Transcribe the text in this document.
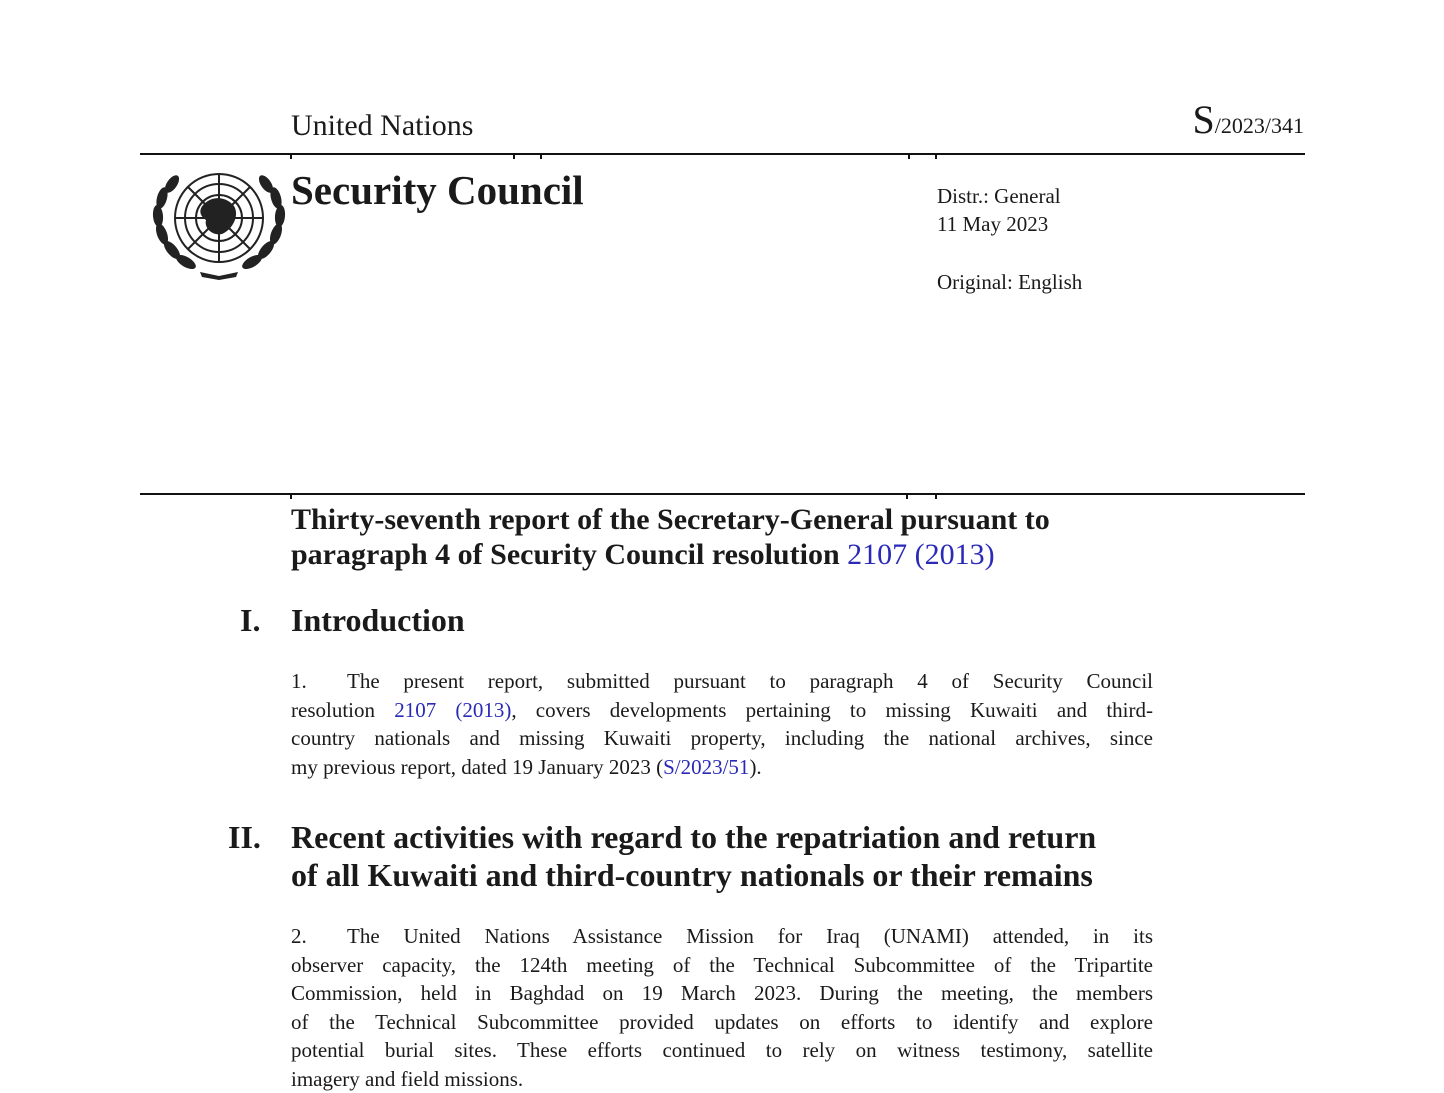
United Nations	S/2023/341
Security Council	Distr.: General
11 May 2023
Original: English
Thirty-seventh report of the Secretary-General pursuant to
paragraph 4 of Security Council resolution 2107 (2013)
I. Introduction
1. The present report, submitted pursuant to paragraph 4 of Security Council
resolution 2107 (2013), covers developments pertaining to missing Kuwaiti and third-
country nationals and missing Kuwaiti property, including the national archives, since
my previous report, dated 19 January 2023 (S/2023/51).
II. Recent activities with regard to the repatriation and return
of all Kuwaiti and third-country nationals or their remains
2. The United Nations Assistance Mission for Iraq (UNAMI) attended, in its
observer capacity, the 124th meeting of the Technical Subcommittee of the Tripartite
Commission, held in Baghdad on 19 March 2023. During the meeting, the members
of the Technical Subcommittee provided updates on efforts to identify and explore
potential burial sites. These efforts continued to rely on witness testimony, satellite
imagery and field missions.
